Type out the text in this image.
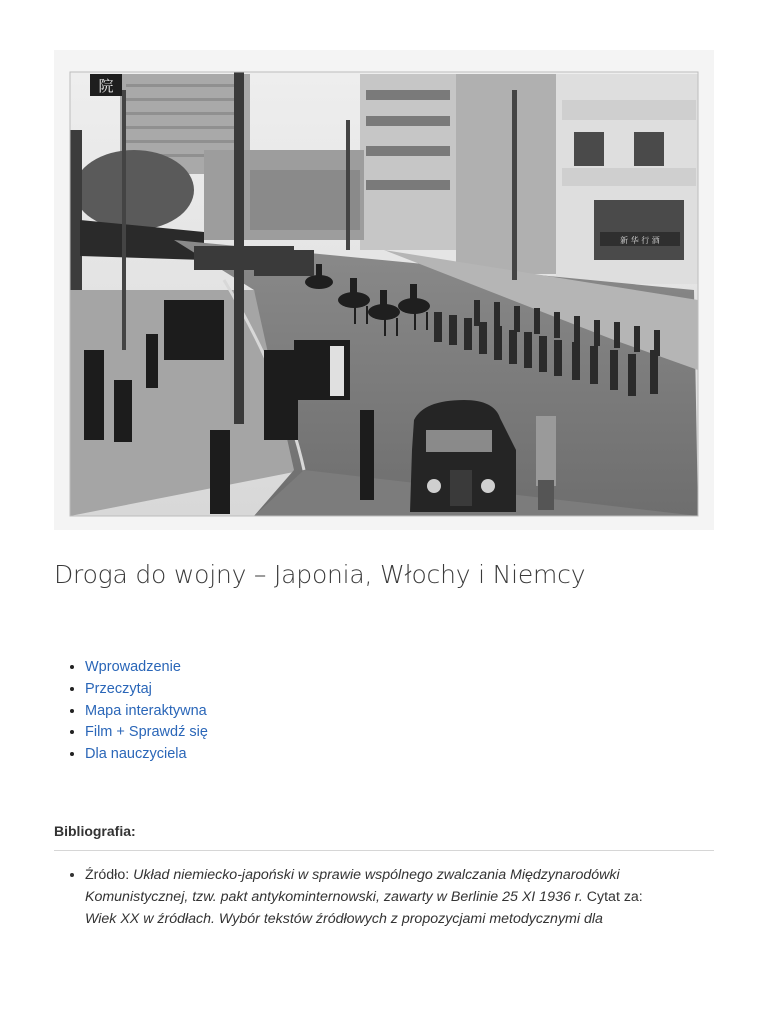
新 华 行 酒
院
Droga do wojny – Japonia, Włochy i Niemcy
• Wprowadzenie
• Przeczytaj
• Mapa interaktywna
• Film + Sprawdź się
• Dla nauczyciela
Bibliografia:
• Źródło: Układ niemiecko-japoński w sprawie wspólnego zwalczania Międzynarodówki Komunistycznej, tzw. pakt antykominternowski, zawarty w Berlinie 25 XI 1936 r. Cytat za:
Wiek XX w źródłach. Wybór tekstów źródłowych z propozycjami metodycznymi dla
